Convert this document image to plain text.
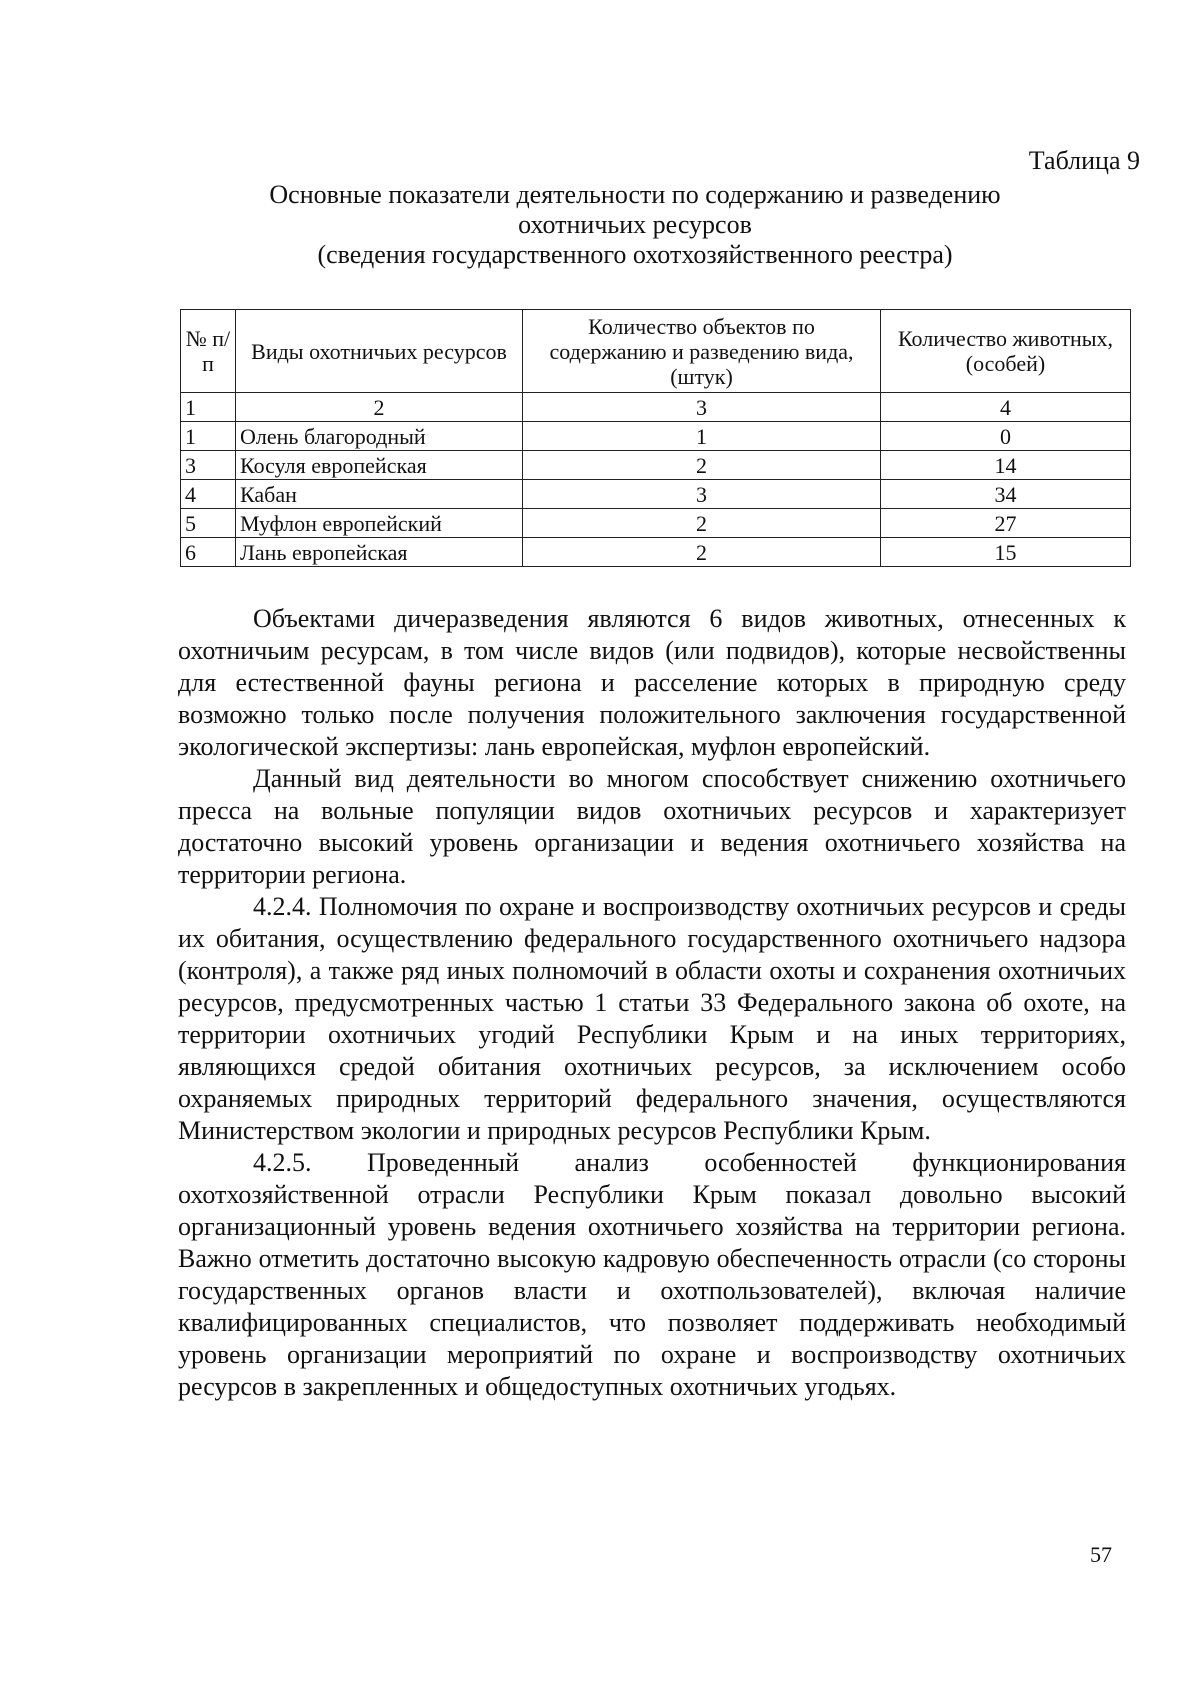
Таблица 9
Основные показатели деятельности по содержанию и разведению
охотничьих ресурсов
(сведения государственного охотхозяйственного реестра)
№ п/п	Виды охотничьих ресурсов	Количество объектов по содержанию и разведению вида, (штук)	Количество животных, (особей)
1	2	3	4
1	Олень благородный	1	0
3	Косуля европейская	2	14
4	Кабан	3	34
5	Муфлон европейский	2	27
6	Лань европейская	2	15

Объектами дичеразведения являются 6 видов животных, отнесенных к охотничьим ресурсам, в том числе видов (или подвидов), которые несвойственны для естественной фауны региона и расселение которых в природную среду возможно только после получения положительного заключения государственной экологической экспертизы: лань европейская, муфлон европейский.

Данный вид деятельности во многом способствует снижению охотничьего пресса на вольные популяции видов охотничьих ресурсов и характеризует достаточно высокий уровень организации и ведения охотничьего хозяйства на территории региона.

4.2.4. Полномочия по охране и воспроизводству охотничьих ресурсов и среды их обитания, осуществлению федерального государственного охотничьего надзора (контроля), а также ряд иных полномочий в области охоты и сохранения охотничьих ресурсов, предусмотренных частью 1 статьи 33 Федерального закона об охоте, на территории охотничьих угодий Республики Крым и на иных территориях, являющихся средой обитания охотничьих ресурсов, за исключением особо охраняемых природных территорий федерального значения, осуществляются Министерством экологии и природных ресурсов Республики Крым.

4.2.5. Проведенный анализ особенностей функционирования охотхозяйственной отрасли Республики Крым показал довольно высокий организационный уровень ведения охотничьего хозяйства на территории региона. Важно отметить достаточно высокую кадровую обеспеченность отрасли (со стороны государственных органов власти и охотпользователей), включая наличие квалифицированных специалистов, что позволяет поддерживать необходимый уровень организации мероприятий по охране и воспроизводству охотничьих ресурсов в закрепленных и общедоступных охотничьих угодьях.

57
